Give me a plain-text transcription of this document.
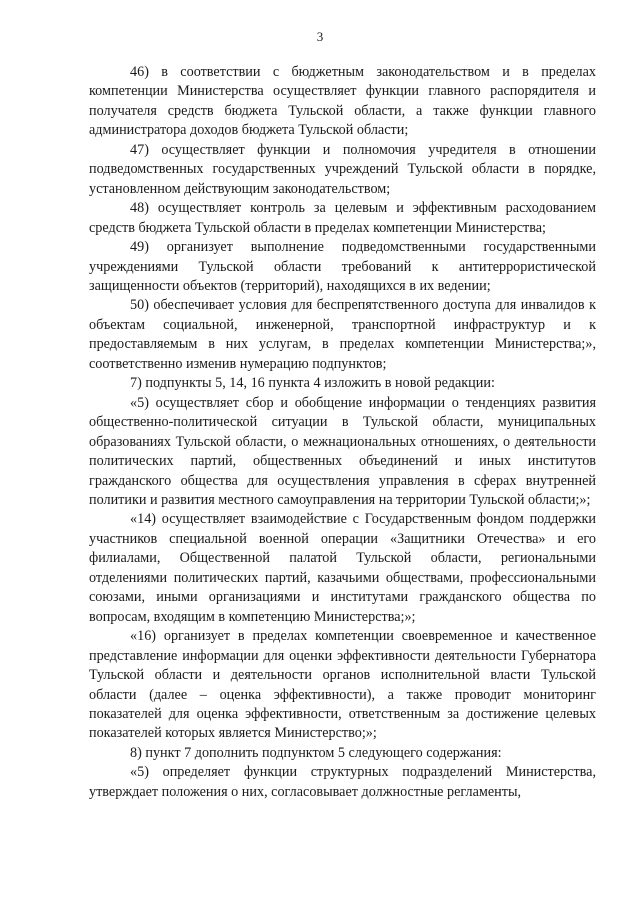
3

46) в соответствии с бюджетным законодательством и в пределах компетенции Министерства осуществляет функции главного распорядителя и получателя средств бюджета Тульской области, а также функции главного администратора доходов бюджета Тульской области;

47) осуществляет функции и полномочия учредителя в отношении подведомственных государственных учреждений Тульской области в порядке, установленном действующим законодательством;

48) осуществляет контроль за целевым и эффективным расходованием средств бюджета Тульской области в пределах компетенции Министерства;

49) организует выполнение подведомственными государственными учреждениями Тульской области требований к антитеррористической защищенности объектов (территорий), находящихся в их ведении;

50) обеспечивает условия для беспрепятственного доступа для инвалидов к объектам социальной, инженерной, транспортной инфраструктур и к предоставляемым в них услугам, в пределах компетенции Министерства;», соответственно изменив нумерацию подпунктов;

7) подпункты 5, 14, 16 пункта 4 изложить в новой редакции:

«5) осуществляет сбор и обобщение информации о тенденциях развития общественно-политической ситуации в Тульской области, муниципальных образованиях Тульской области, о межнациональных отношениях, о деятельности политических партий, общественных объединений и иных институтов гражданского общества для осуществления управления в сферах внутренней политики и развития местного самоуправления на территории Тульской области;»;

«14) осуществляет взаимодействие с Государственным фондом поддержки участников специальной военной операции «Защитники Отечества» и его филиалами, Общественной палатой Тульской области, региональными отделениями политических партий, казачьими обществами, профессиональными союзами, иными организациями и институтами гражданского общества по вопросам, входящим в компетенцию Министерства;»;

«16) организует в пределах компетенции своевременное и качественное представление информации для оценки эффективности деятельности Губернатора Тульской области и деятельности органов исполнительной власти Тульской области (далее – оценка эффективности), а также проводит мониторинг показателей для оценка эффективности, ответственным за достижение целевых показателей которых является Министерство;»;

8) пункт 7 дополнить подпунктом 5 следующего содержания:

«5) определяет функции структурных подразделений Министерства, утверждает положения о них, согласовывает должностные регламенты,
